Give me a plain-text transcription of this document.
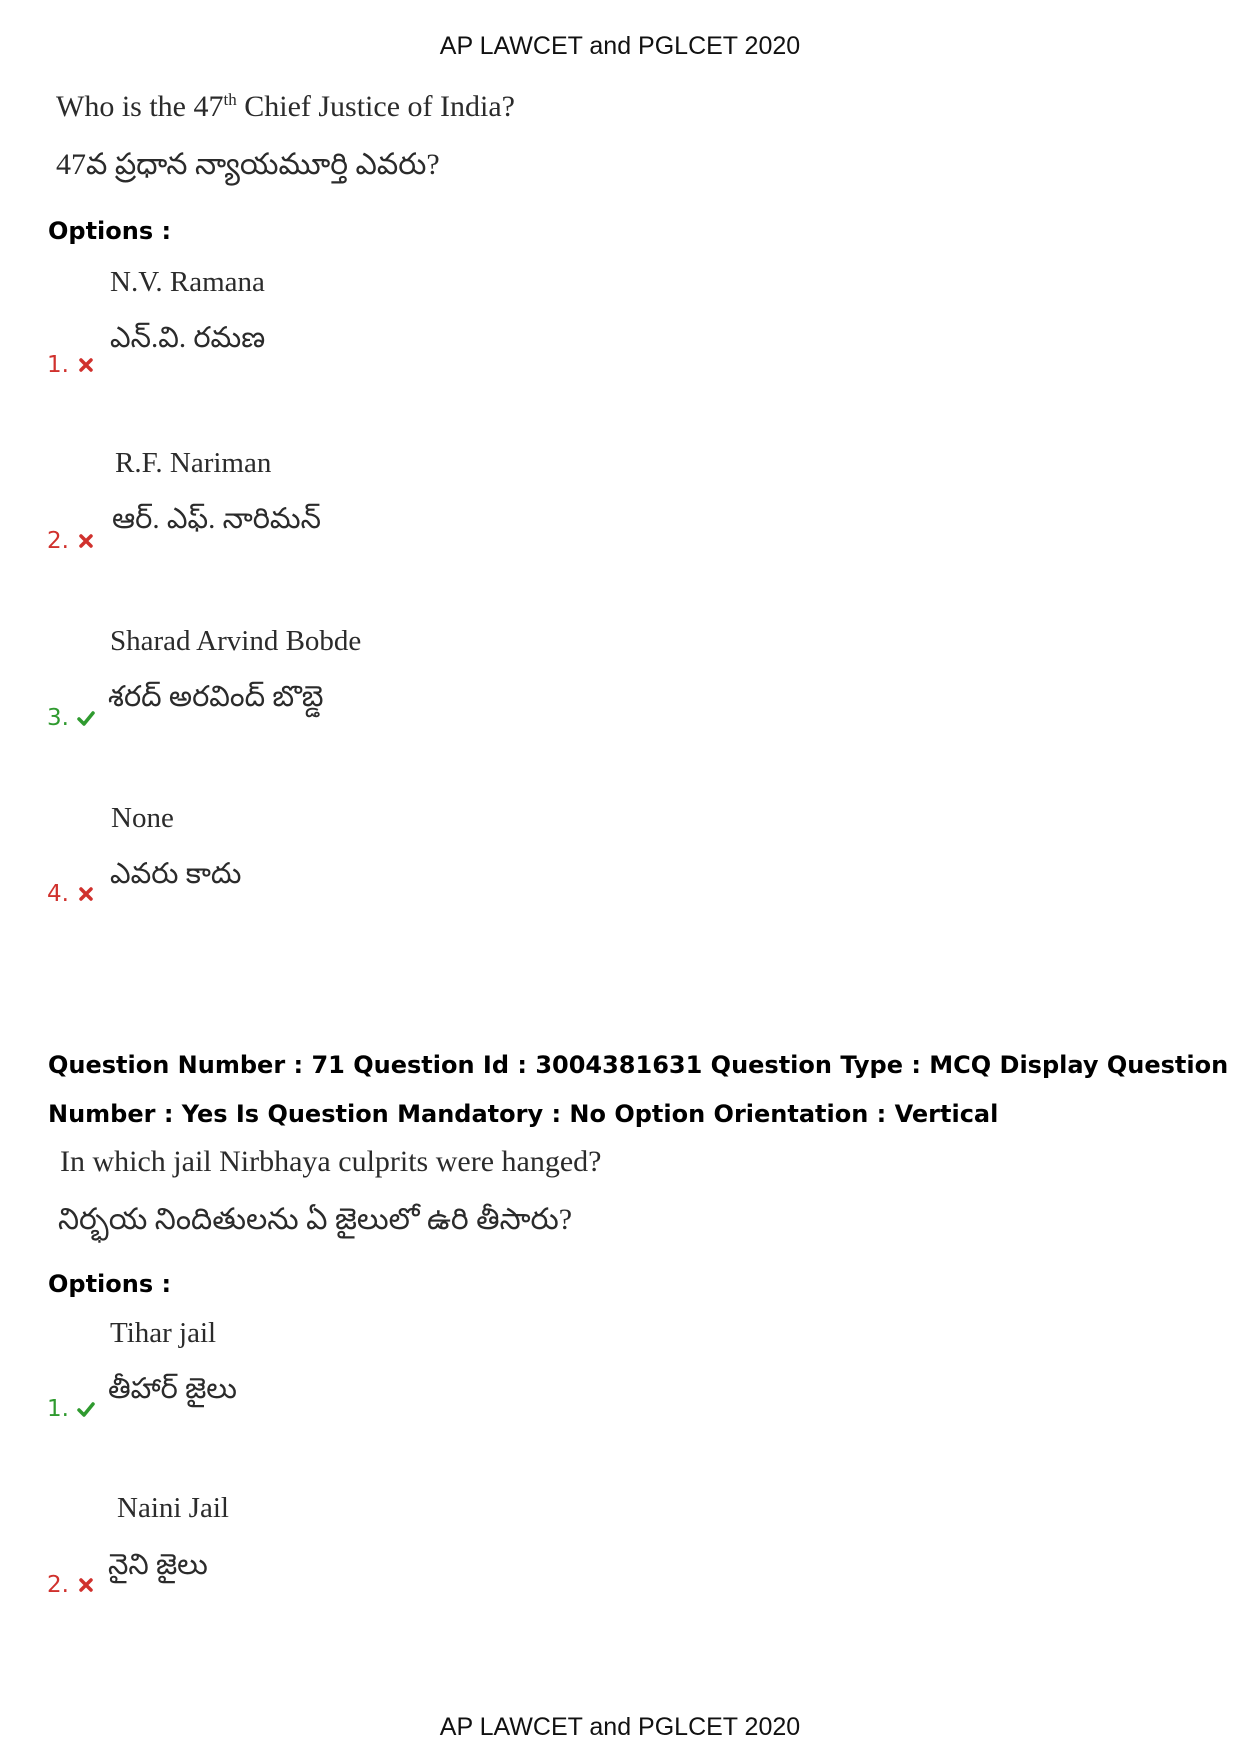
AP LAWCET and PGLCET 2020
Who is the 47th Chief Justice of India?
47వ ప్రధాన న్యాయమూర్తి ఎవరు?
Options :
N.V. Ramana
ఎన్.వి. రమణ
1.
R.F. Nariman
ఆర్. ఎఫ్. నారిమన్
2.
Sharad Arvind Bobde
శరద్ అరవింద్ బొబ్డె
3.
None
ఎవరు కాదు
4.
Question Number : 71 Question Id : 3004381631 Question Type : MCQ Display Question
Number : Yes Is Question Mandatory : No Option Orientation : Vertical
In which jail Nirbhaya culprits were hanged?
నిర్భయ నిందితులను ఏ జైలులో ఉరి తీసారు?
Options :
Tihar jail
తీహార్ జైలు
1.
Naini Jail
నైని జైలు
2.
AP LAWCET and PGLCET 2020
